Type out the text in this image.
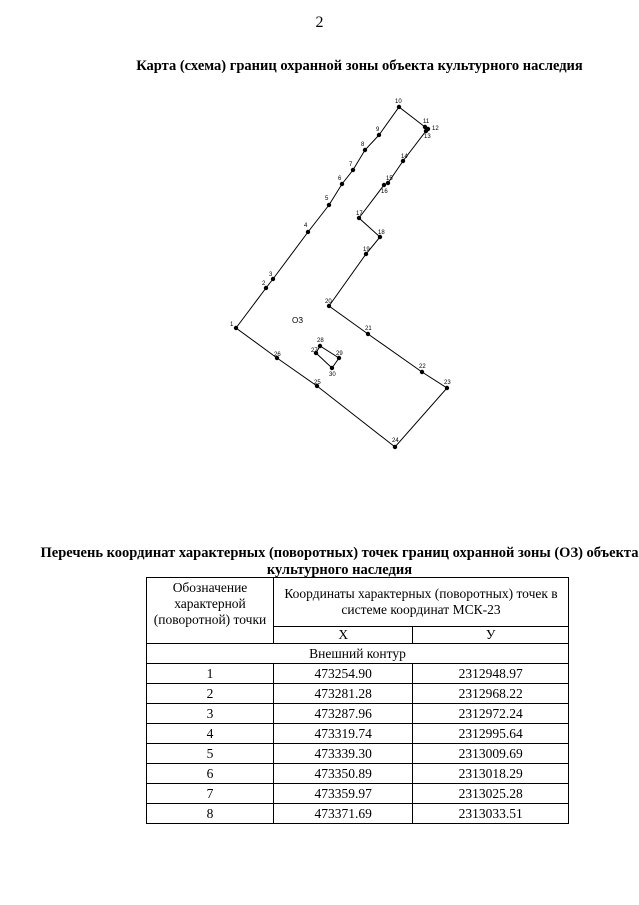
2
Карта (схема) границ охранной зоны объекта культурного наследия
1
2
3
4
5
6
7
8
9
10
11
12
13
14
15
16
17
18
19
20
21
22
23
24
25
26
27
28
29
30
ОЗ
Перечень координат характерных (поворотных) точек границ охранной зоны (ОЗ) объекта культурного наследия
Обозначение характерной (поворотной) точки	Координаты характерных (поворотных) точек в системе координат МСК-23	
	Х	У
Внешний контур		
1	473254.90	2312948.97
2	473281.28	2312968.22
3	473287.96	2312972.24
4	473319.74	2312995.64
5	473339.30	2313009.69
6	473350.89	2313018.29
7	473359.97	2313025.28
8	473371.69	2313033.51
